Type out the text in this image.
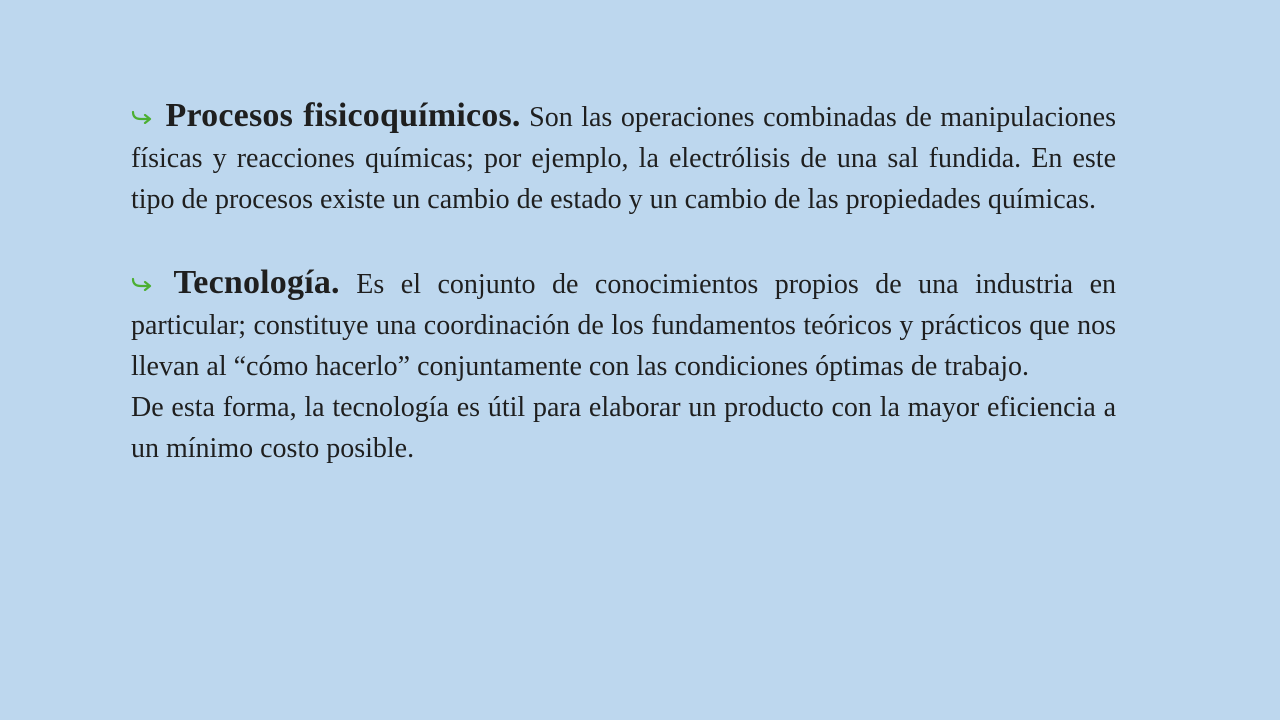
Procesos fisicoquímicos. Son las operaciones combinadas de manipulaciones físicas y reacciones químicas; por ejemplo, la electrólisis de una sal fundida. En este tipo de procesos existe un cambio de estado y un cambio de las propiedades químicas.

Tecnología. Es el conjunto de conocimientos propios de una industria en particular; constituye una coordinación de los fundamentos teóricos y prácticos que nos llevan al “cómo hacerlo” conjuntamente con las condiciones óptimas de trabajo.

De esta forma, la tecnología es útil para elaborar un producto con la mayor eficiencia a un mínimo costo posible.
